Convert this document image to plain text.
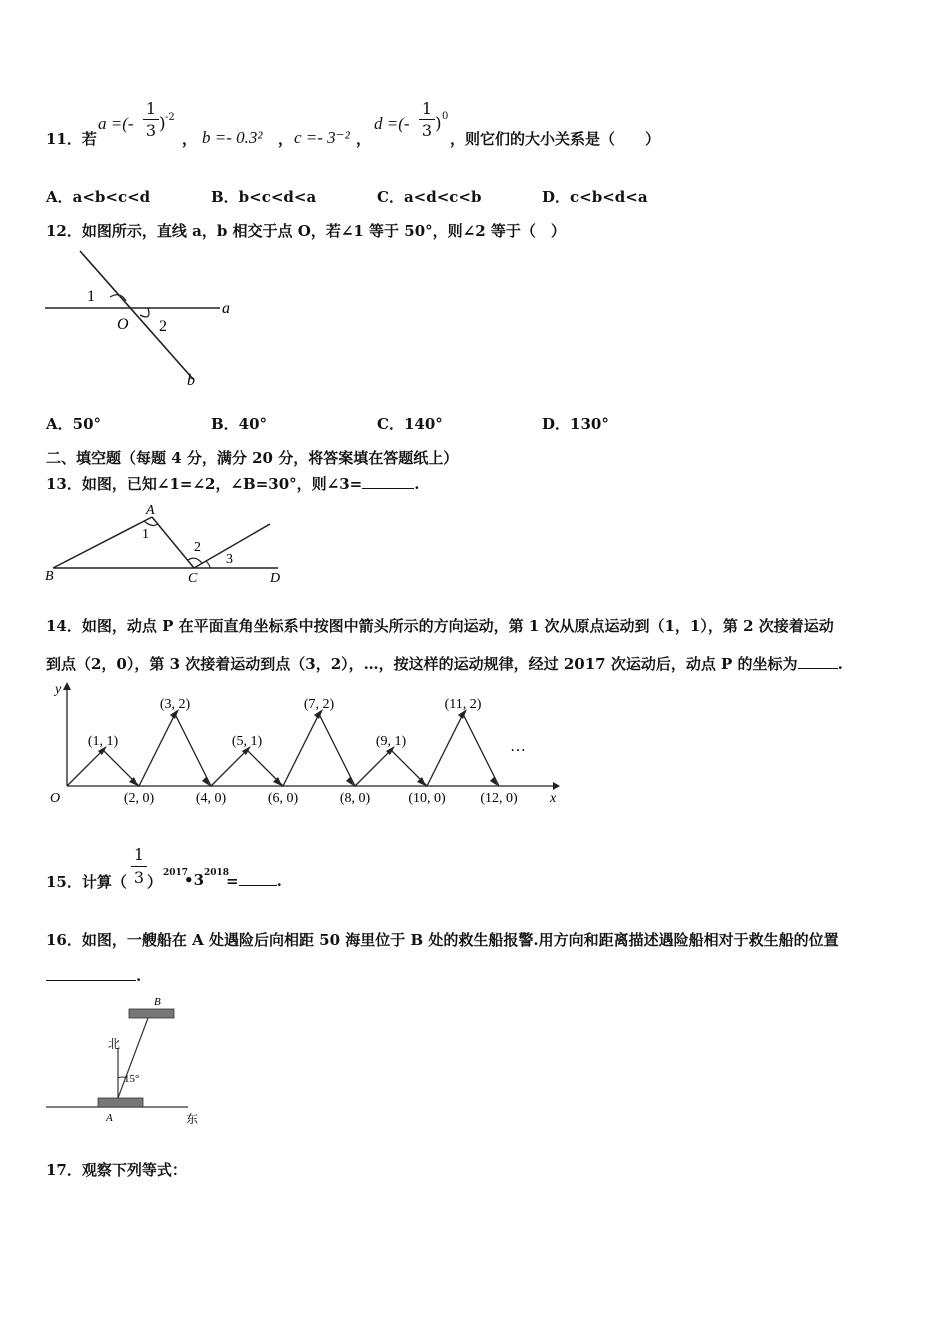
11．若
a =(-
1
3 ) -2
， b =- 0.3² ， c =- 3⁻² ，
d =(-
1
3 ) 0
，则它们的大小关系是（　　）
A．a<b<c<d	B．b<c<d<a	C．a<d<c<b	D．c<b<d<a
12．如图所示，直线 a，b 相交于点 O，若∠1 等于 50°，则∠2 等于（　）
1
O 2
a
b
A．50°	B．40°	C．140°	D．130°
二、填空题（每题 4 分，满分 20 分，将答案填在答题纸上）
13．如图，已知∠1=∠2，∠B=30°，则∠3=	.
A
B	C	D
1
2
3
14．如图，动点 P 在平面直角坐标系中按图中箭头所示的方向运动，第 1 次从原点运动到（1，1），第 2 次接着运动
到点（2，0），第 3 次接着运动到点（3，2），…，按这样的运动规律，经过 2017 次运动后，动点 P 的坐标为	.
y
x
O
(1, 1)
(3, 2)
(5, 1)
(7, 2)
(9, 1)
(11, 2)
(2, 0)	(4, 0)	(6, 0)	(8, 0)	(10, 0) (12, 0)
…
15．计算（
1
3 ） 2017
•3 2018
=	.
16．如图，一艘船在 A 处遇险后向相距 50 海里位于 B 处的救生船报警.用方向和距离描述遇险船相对于救生船的位置
.
B
北
15°
A	东
17．观察下列等式：
